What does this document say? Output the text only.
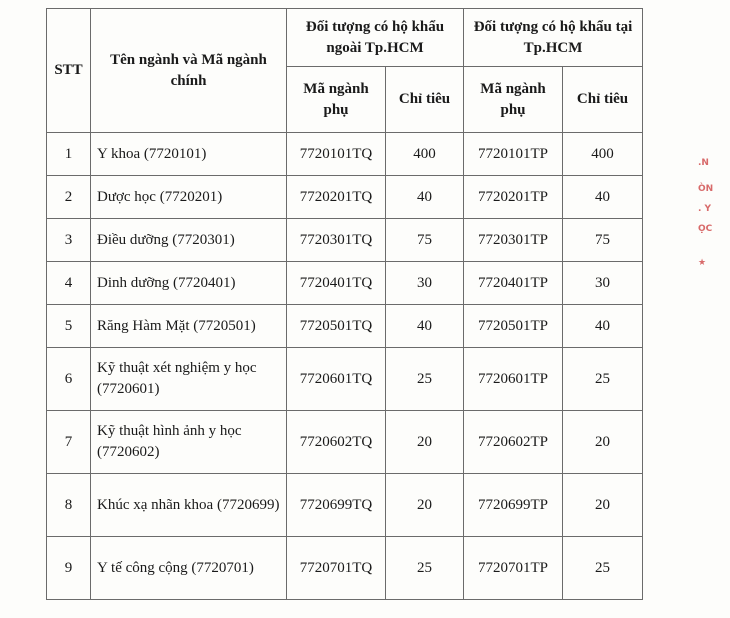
STT	Tên ngành và Mã ngành chính	Đối tượng có hộ khẩu ngoài Tp.HCM		Đối tượng có hộ khẩu tại Tp.HCM	
		Mã ngành phụ	Chỉ tiêu	Mã ngành phụ	Chỉ tiêu
1	Y khoa (7720101)	7720101TQ	400	7720101TP	400
2	Dược học (7720201)	7720201TQ	40	7720201TP	40
3	Điều dưỡng (7720301)	7720301TQ	75	7720301TP	75
4	Dinh dưỡng (7720401)	7720401TQ	30	7720401TP	30
5	Răng Hàm Mặt (7720501)	7720501TQ	40	7720501TP	40
6	Kỹ thuật xét nghiệm y học (7720601)	7720601TQ	25	7720601TP	25
7	Kỹ thuật hình ảnh y học (7720602)	7720602TQ	20	7720602TP	20
8	Khúc xạ nhãn khoa (7720699)	7720699TQ	20	7720699TP	20
9	Y tế công cộng (7720701)	7720701TQ	25	7720701TP	25
.N
ÒN
. Y
ỌC
★
